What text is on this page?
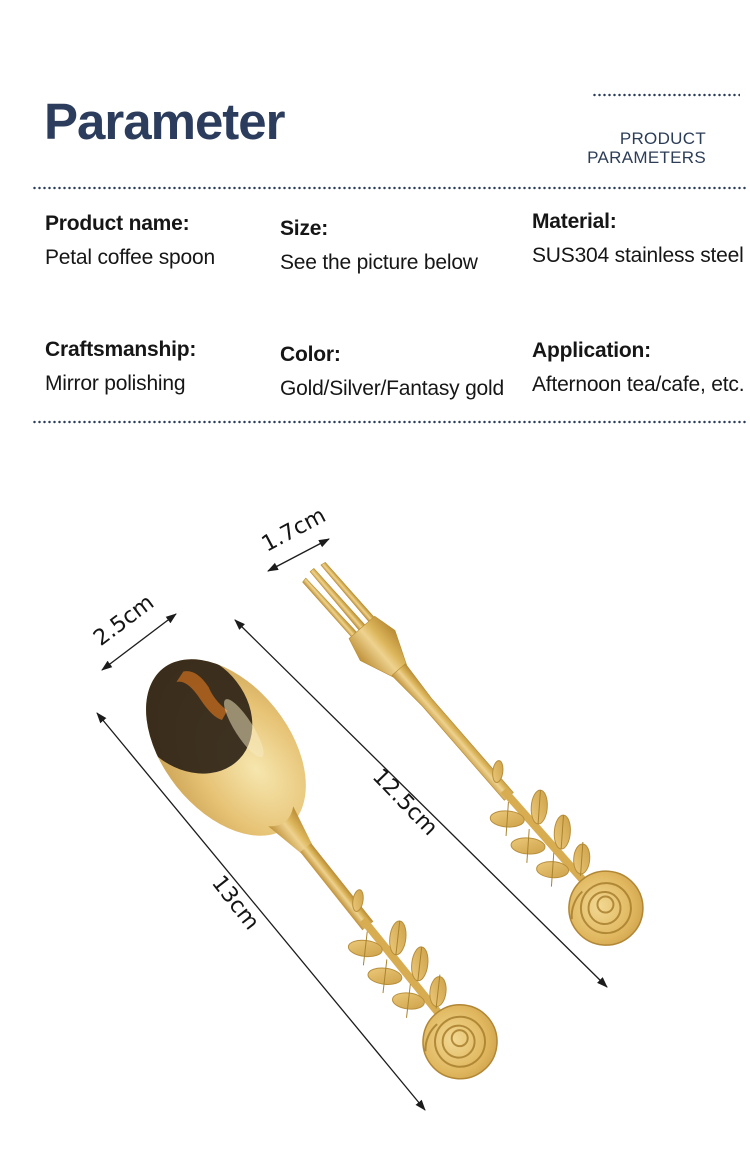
Parameter	PRODUCT
PARAMETERS
Product name:
Petal coffee spoon
Size:
See the picture below
Material:
SUS304 stainless steel
Craftsmanship:
Mirror polishing
Color:
Gold/Silver/Fantasy gold
Application:
Afternoon tea/cafe, etc.
2.5cm
1.7cm
12.5cm
13cm
